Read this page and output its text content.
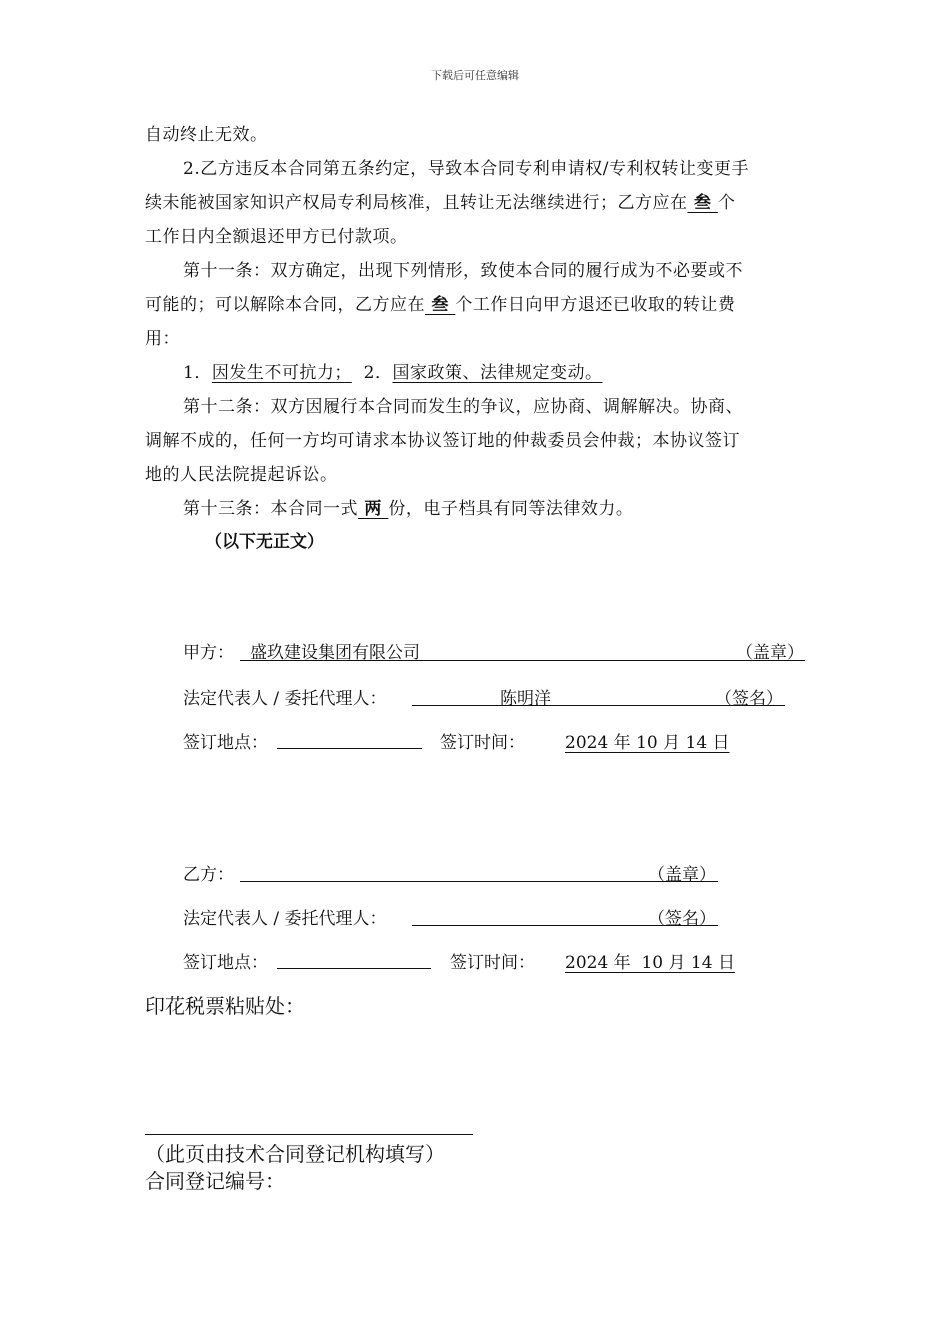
下载后可任意编辑
自动终止无效。
2.乙方违反本合同第五条约定，导致本合同专利申请权/专利权转让变更手
续未能被国家知识产权局专利局核准，且转让无法继续进行；乙方应在 叁 个
工作日内全额退还甲方已付款项。
第十一条：双方确定，出现下列情形，致使本合同的履行成为不必要或不
可能的；可以解除本合同，乙方应在 叁 个工作日向甲方退还已收取的转让费
用：
1．因发生不可抗力； 2．国家政策、法律规定变动。
第十二条：双方因履行本合同而发生的争议，应协商、调解解决。协商、
调解不成的，任何一方均可请求本协议签订地的仲裁委员会仲裁；本协议签订
地的人民法院提起诉讼。
第十三条：本合同一式 两 份，电子档具有同等法律效力。
（以下无正文）
甲方： 盛玖建设集团有限公司	（盖章）
法定代表人 / 委托代理人：	陈明洋	（签名）
签订地点：	签订时间： 2024 年 10 月 14 日
乙方：	（盖章）
法定代表人 / 委托代理人：	（签名）
签订地点：	签订时间： 2024 年  10 月 14 日
印花税票粘贴处：
（此页由技术合同登记机构填写）
合同登记编号：
